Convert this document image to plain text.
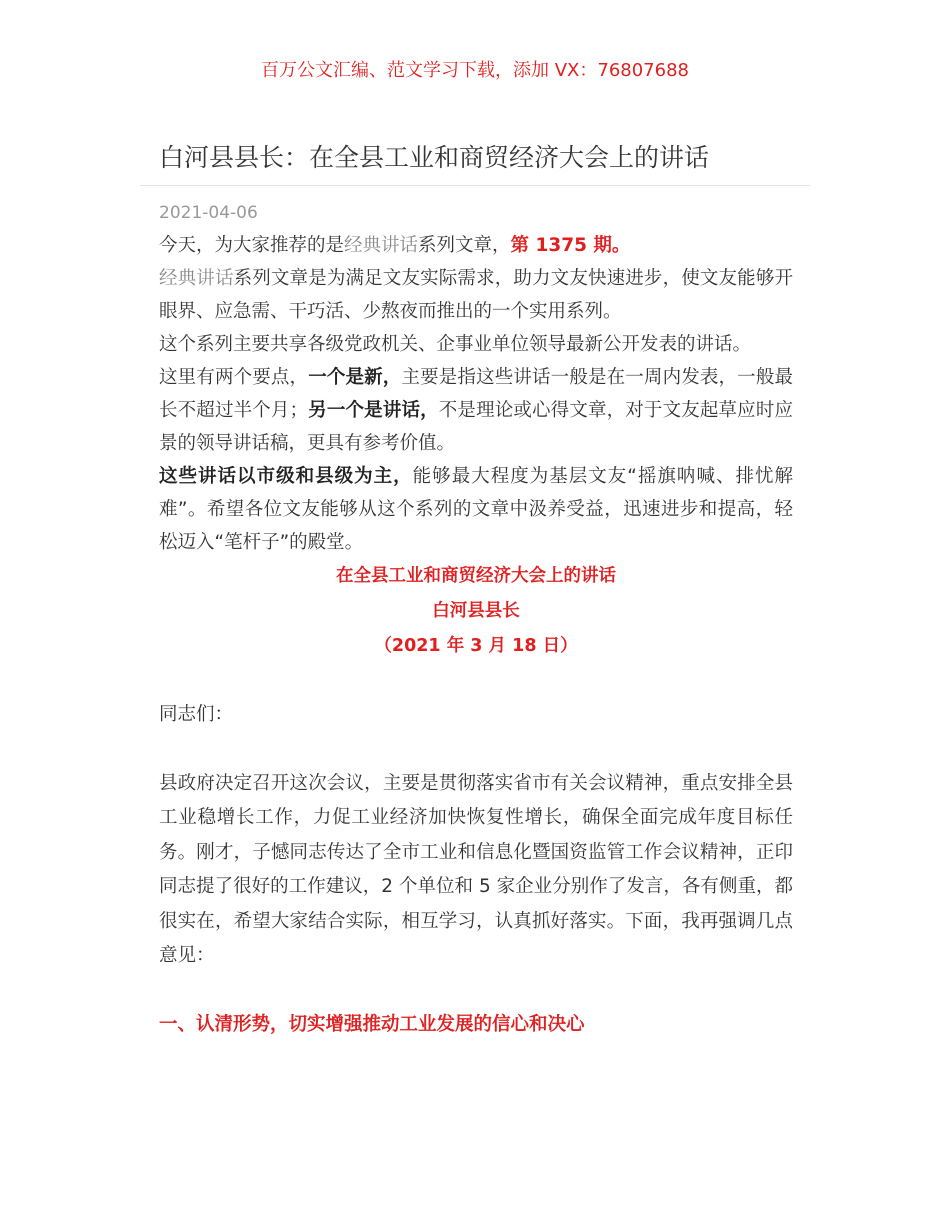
百万公文汇编、范文学习下载，添加 VX：76807688
白河县县长：在全县工业和商贸经济大会上的讲话
2021-04-06

今天，为大家推荐的是经典讲话系列文章，第 1375 期。

经典讲话系列文章是为满足文友实际需求，助力文友快速进步，使文友能够开眼界、应急需、干巧活、少熬夜而推出的一个实用系列。

这个系列主要共享各级党政机关、企事业单位领导最新公开发表的讲话。

这里有两个要点，一个是新，主要是指这些讲话一般是在一周内发表，一般最长不超过半个月；另一个是讲话，不是理论或心得文章，对于文友起草应时应景的领导讲话稿，更具有参考价值。

这些讲话以市级和县级为主，能够最大程度为基层文友“摇旗呐喊、排忧解难”。希望各位文友能够从这个系列的文章中汲养受益，迅速进步和提高，轻松迈入“笔杆子”的殿堂。

在全县工业和商贸经济大会上的讲话

白河县县长

（2021 年 3 月 18 日）

同志们：

县政府决定召开这次会议，主要是贯彻落实省市有关会议精神，重点安排全县工业稳增长工作，力促工业经济加快恢复性增长，确保全面完成年度目标任务。刚才，子憾同志传达了全市工业和信息化暨国资监管工作会议精神，正印同志提了很好的工作建议，2 个单位和 5 家企业分别作了发言，各有侧重，都很实在，希望大家结合实际，相互学习，认真抓好落实。下面，我再强调几点意见：

一、认清形势，切实增强推动工业发展的信心和决心
